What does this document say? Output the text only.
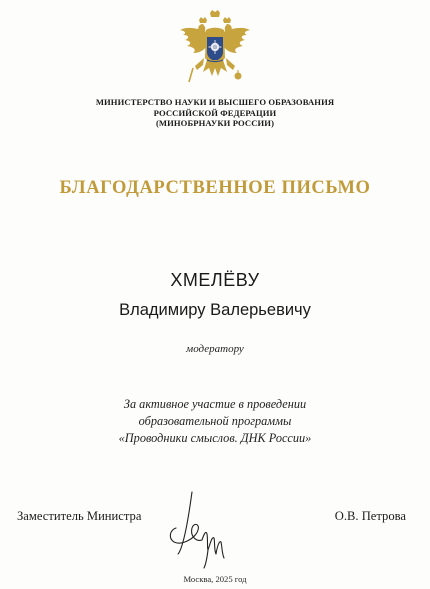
МИНИСТЕРСТВО НАУКИ И ВЫСШЕГО ОБРАЗОВАНИЯ
РОССИЙСКОЙ ФЕДЕРАЦИИ
(МИНОБРНАУКИ РОССИИ)
БЛАГОДАРСТВЕННОЕ ПИСЬМО
ХМЕЛЁВУ
Владимиру Валерьевичу
модератору
За активное участие в проведении
образовательной программы
«Проводники смыслов. ДНК России»
Заместитель Министра	О.В. Петрова
Москва, 2025 год
